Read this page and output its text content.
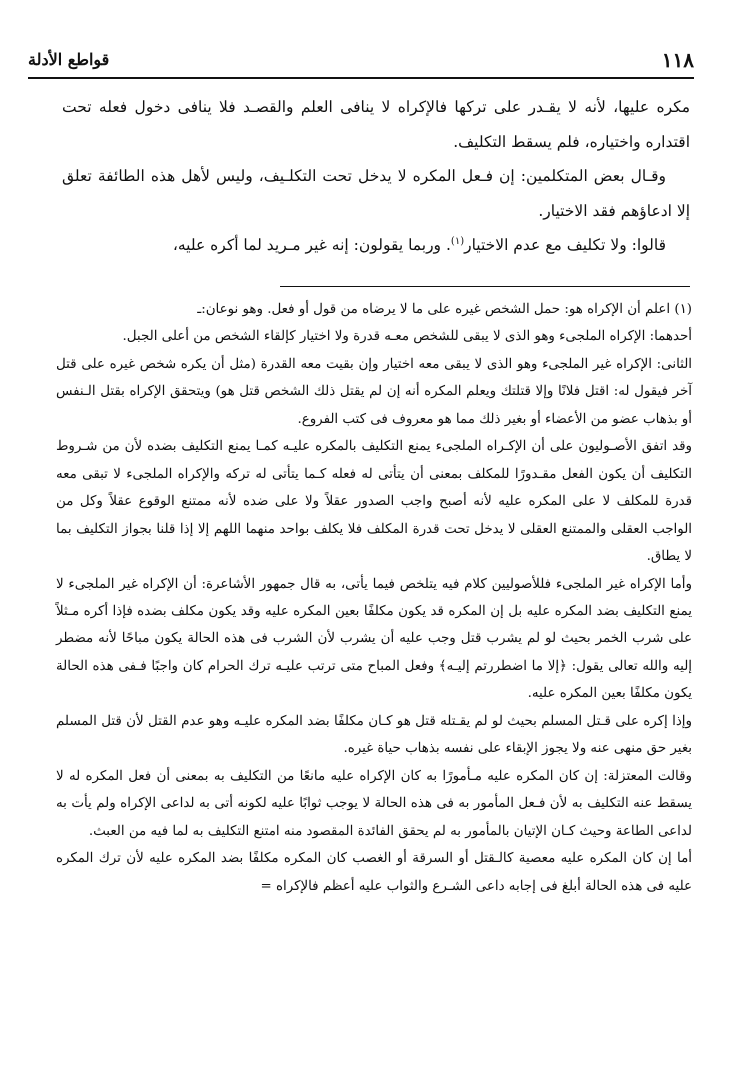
١١٨
قواطع الأدلة

مكره عليها، لأنه لا يقـدر على تركها فالإكراه لا ينافى العلم والقصـد فلا ينافى دخول فعله تحت اقتداره واختياره، فلم يسقط التكليف.

وقـال بعض المتكلمين: إن فـعل المكره لا يدخل تحت التكلـيف، وليس لأهل هذه الطائفة تعلق إلا ادعاؤهم فقد الاختيار.

قالوا: ولا تكليف مع عدم الاختيار$^{(١)}$. وربما يقولون: إنه غير مـريد لما أكره عليه،

(١) اعلم أن الإكراه هو: حمل الشخص غيره على ما لا يرضاه من قول أو فعل. وهو نوعان:ـ

أحدهما: الإكراه الملجىء وهو الذى لا يبقى للشخص معـه قدرة ولا اختيار كإلقاء الشخص من أعلى الجبل.

الثانى: الإكراه غير الملجىء وهو الذى لا يبقى معه اختيار وإن بقيت معه القدرة (مثل أن يكره شخص غيره على قتل آخر فيقول له: اقتل فلانًا وإلا قتلتك ويعلم المكره أنه إن لم يقتل ذلك الشخص قتل هو) ويتحقق الإكراه بقتل الـنفس أو بذهاب عضو من الأعضاء أو بغير ذلك مما هو معروف فى كتب الفروع.

وقد اتفق الأصـوليون على أن الإكـراه الملجىء يمنع التكليف بالمكره عليـه كمـا يمنع التكليف بضده لأن من شـروط التكليف أن يكون الفعل مقـدورًا للمكلف بمعنى أن يتأتى له فعله كـما يتأتى له تركه والإكراه الملجىء لا تبقى معه قدرة للمكلف لا على المكره عليه لأنه أصبح واجب الصدور عقلاً ولا على ضده لأنه ممتنع الوقوع عقلاً وكل من الواجب العقلى والممتنع العقلى لا يدخل تحت قدرة المكلف فلا يكلف بواحد منهما اللهم إلا إذا قلنا بجواز التكليف بما لا يطاق.

وأما الإكراه غير الملجىء فللأصوليين كلام فيه يتلخص فيما يأتى، به قال جمهور الأشاعرة: أن الإكراه غير الملجىء لا يمنع التكليف بضد المكره عليه بل إن المكره قد يكون مكلفًا بعين المكره عليه وقد يكون مكلف بضده فإذا أكره مـثلاً على شرب الخمر بحيث لو لم يشرب قتل وجب عليه أن يشرب لأن الشرب فى هذه الحالة يكون مباحًا لأنه مضطر إليه والله تعالى يقول: ﴿إلا ما اضطررتم إليـه﴾ وفعل المباح متى ترتب عليـه ترك الحرام كان واجبًا فـفى هذه الحالة يكون مكلفًا بعين المكره عليه.

وإذا إكره على قـتل المسلم بحيث لو لم يقـتله قتل هو كـان مكلفًا بضد المكره عليـه وهو عدم القتل لأن قتل المسلم بغير حق منهى عنه ولا يجوز الإبقاء على نفسه بذهاب حياة غيره.

وقالت المعتزلة: إن كان المكره عليه مـأمورًا به كان الإكراه عليه مانعًا من التكليف به بمعنى أن فعل المكره له لا يسقط عنه التكليف به لأن فـعل المأمور به فى هذه الحالة لا يوجب ثوابًا عليه لكونه أتى به لداعى الإكراه ولم يأت به لداعى الطاعة وحيث كـان الإتيان بالمأمور به لم يحقق الفائدة المقصود منه امتنع التكليف به لما فيه من العبث.

أما إن كان المكره عليه معصية كالـقتل أو السرقة أو الغصب كان المكره مكلفًا بضد المكره عليه لأن ترك المكره عليه فى هذه الحالة أبلغ فى إجابه داعى الشـرع والثواب عليه أعظم فالإكراه =
